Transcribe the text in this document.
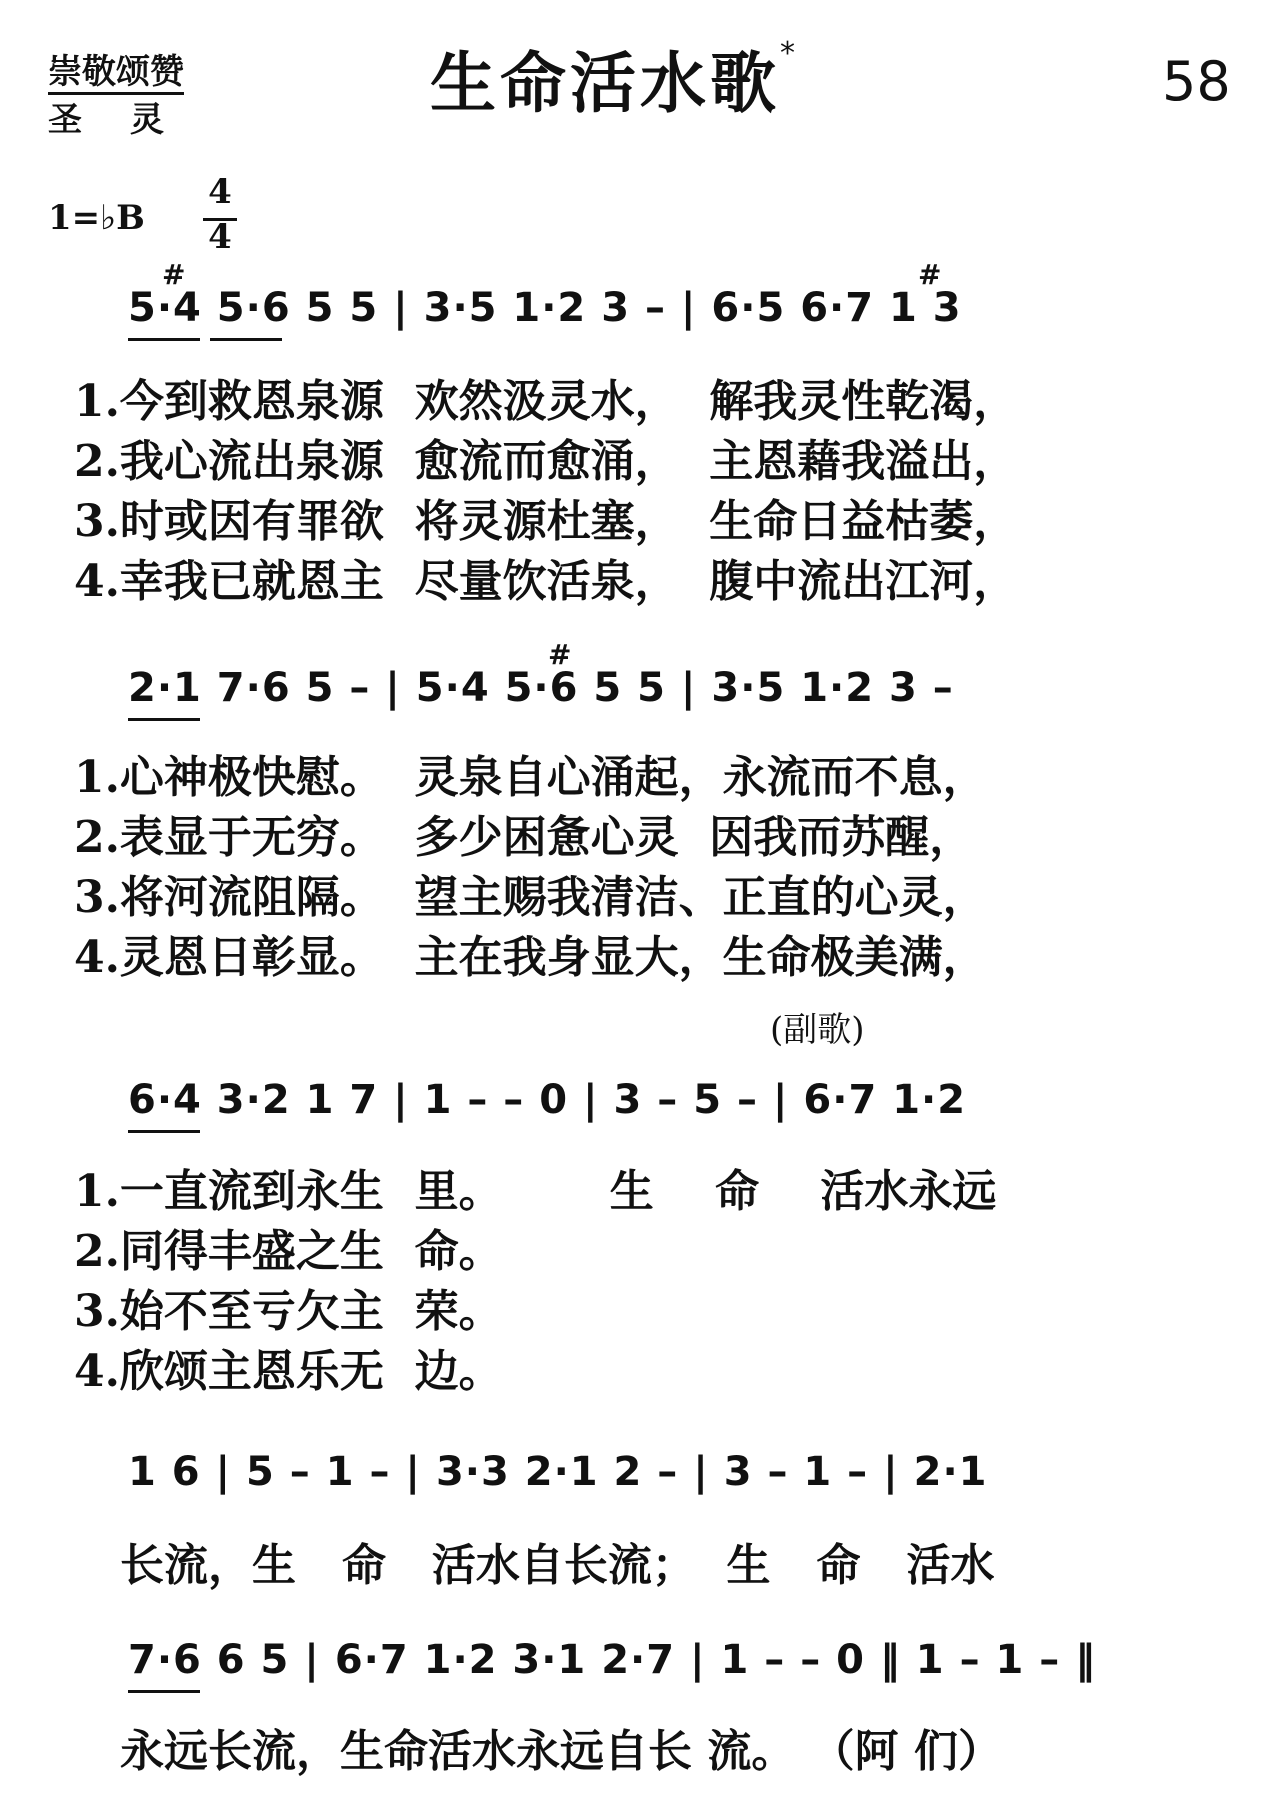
崇敬颂赞
圣灵	生命活水歌*	58
1=♭B
4
4
5·4 5·6 5 5 | 3·5 1·2 3 – | 6·5 6·7 1 3
1.今到救恩泉源  欢然汲灵水，  解我灵性乾渴，
2.我心流出泉源  愈流而愈涌，  主恩藉我溢出，
3.时或因有罪欲  将灵源杜塞，  生命日益枯萎，
4.幸我已就恩主  尽量饮活泉，  腹中流出江河，
2·1 7·6 5 – | 5·4 5·6 5 5 | 3·5 1·2 3 –
1.心神极快慰。  灵泉自心涌起，永流而不息，
2.表显于无穷。  多少困惫心灵  因我而苏醒，
3.将河流阻隔。  望主赐我清洁、正直的心灵，
4.灵恩日彰显。  主在我身显大，生命极美满，
(副歌)
6·4 3·2 1 7 | 1 – – 0 | 3 – 5 – | 6·7 1·2
1.一直流到永生  里。       生    命    活水永远
2.同得丰盛之生  命。
3.始不至亏欠主  荣。
4.欣颂主恩乐无  边。
1 6 | 5 – 1 – | 3·3 2·1 2 – | 3 – 1 – | 2·1
长流，生   命   活水自长流；  生   命   活水
7·6 6 5 | 6·7 1·2 3·1 2·7 | 1 – – 0 ‖ 1 – 1 – ‖
永远长流，生命活水永远自长 流。 （阿 们）
#	#
#
